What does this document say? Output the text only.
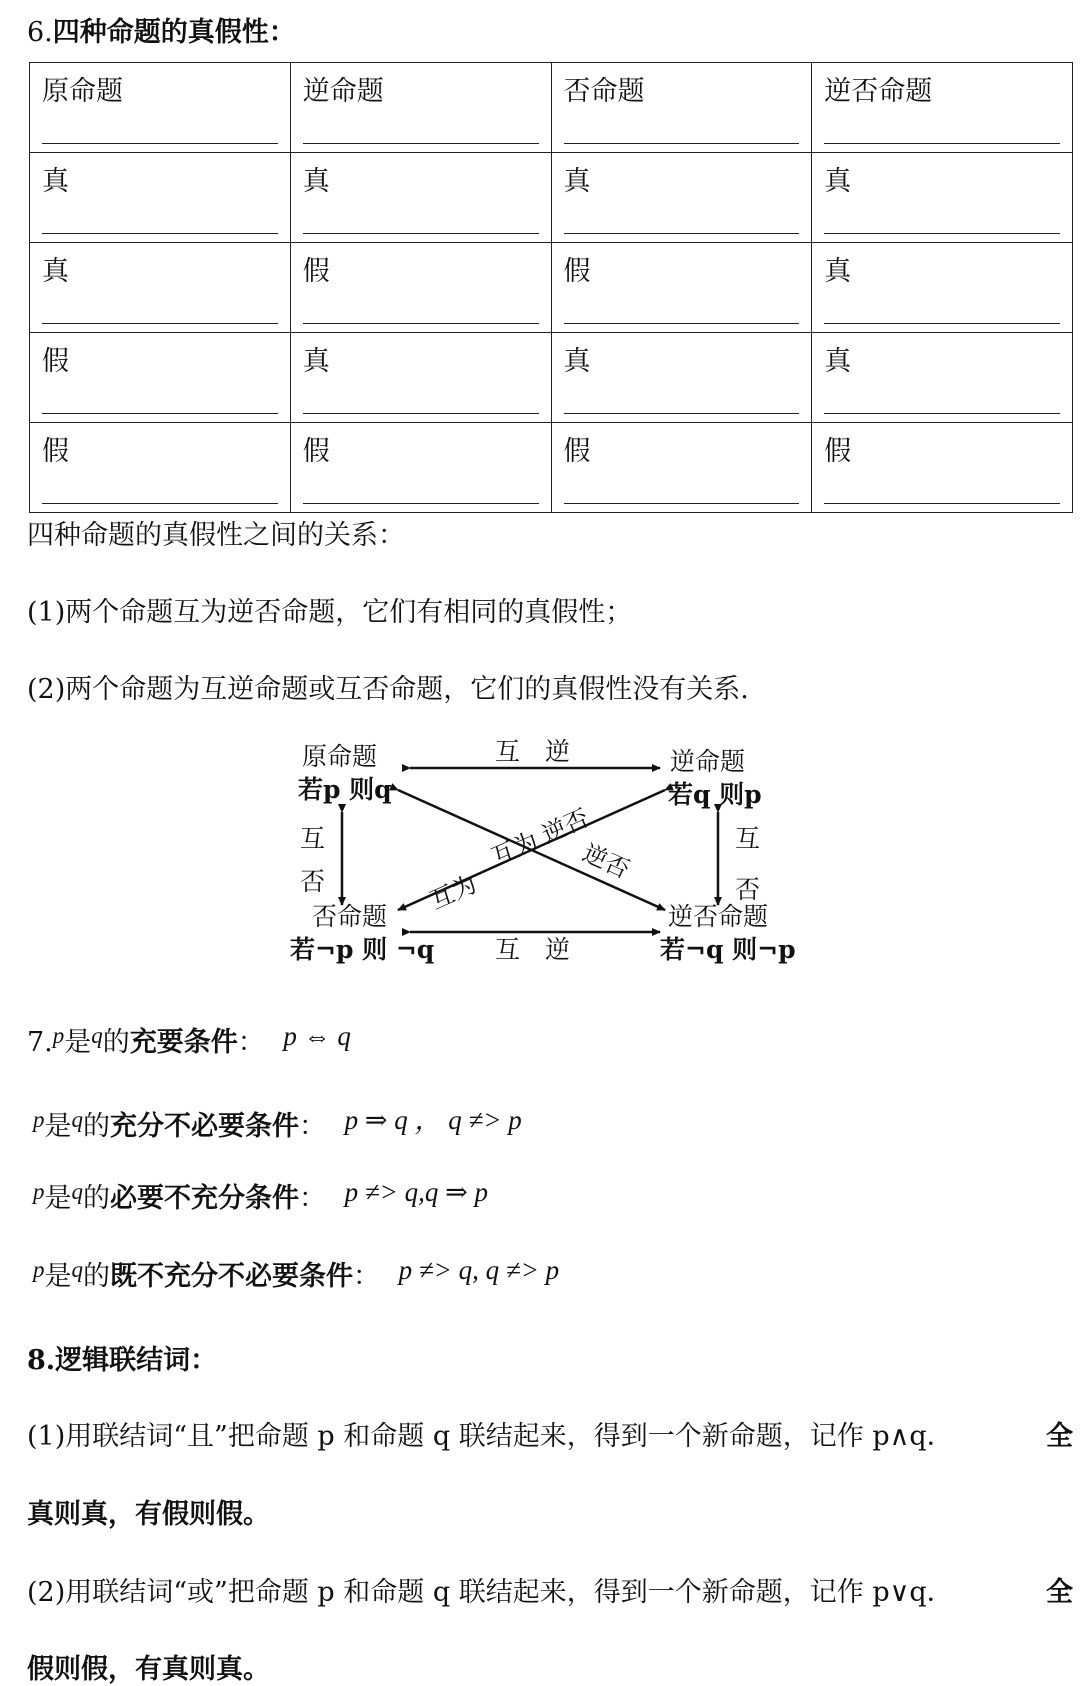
6.四种命题的真假性：
原命题	逆命题	否命题	逆否命题

真	真	真	真

真	假	假	真

假	真	真	真

假	假	假	假
四种命题的真假性之间的关系：
(1)两个命题互为逆否命题，它们有相同的真假性；
(2)两个命题为互逆命题或互否命题，它们的真假性没有关系.
原命题
若p 则q
逆命题
若q 则p
否命题
若¬p 则 ¬q
逆否命题
若¬q 则¬p
互　逆
互　逆
互
否
互
否
互为 逆否
互为
逆否
7.p是q的充要条件： p ⇔ q
p是q的充分不必要条件： p ⇒ q ， q ≠> p
p是q的必要不充分条件： p ≠> q,q ⇒ p
p是q的既不充分不必要条件： p ≠> q, q ≠> p
8.逻辑联结词：
(1)用联结词“且”把命题 p 和命题 q 联结起来，得到一个新命题，记作 p∧q．	全
真则真，有假则假。
(2)用联结词“或”把命题 p 和命题 q 联结起来，得到一个新命题，记作 p∨q．	全
假则假，有真则真。
